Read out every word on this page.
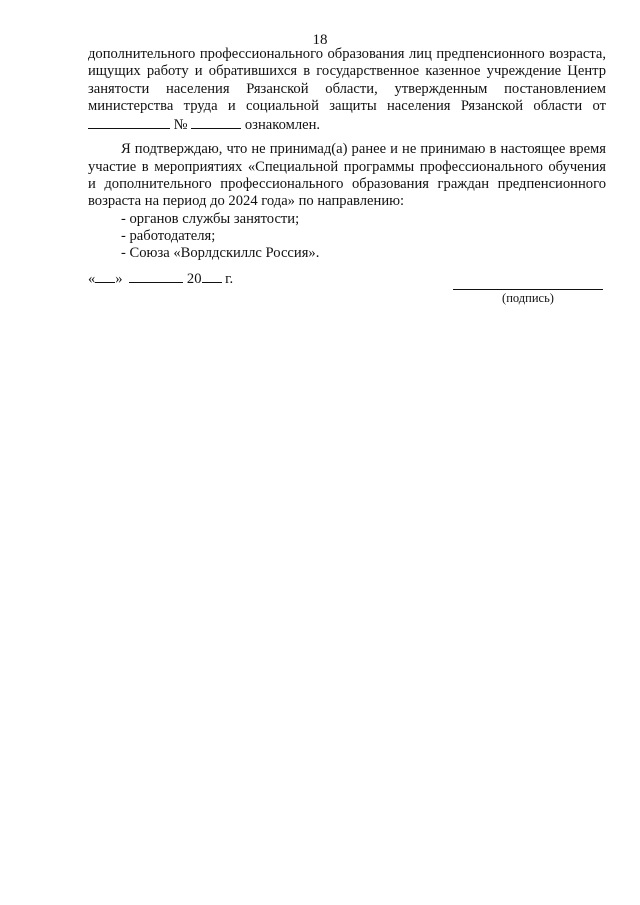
18

дополнительного профессионального образования лиц предпенсионного возраста, ищущих работу и обратившихся в государственное казенное учреждение Центр занятости населения Рязанской области, утвержденным постановлением министерства труда и социальной защиты населения Рязанской области от  №	ознакомлен.

Я подтверждаю, что не принимад(а) ранее и не принимаю в настоящее время участие в мероприятиях «Специальной программы профессионального обучения и дополнительного профессионального образования граждан предпенсионного возраста на период до 2024 года» по направлению:

- органов службы занятости;
- работодателя;
- Союза «Ворлдскиллс Россия».
« »	20 г.
(подпись)
